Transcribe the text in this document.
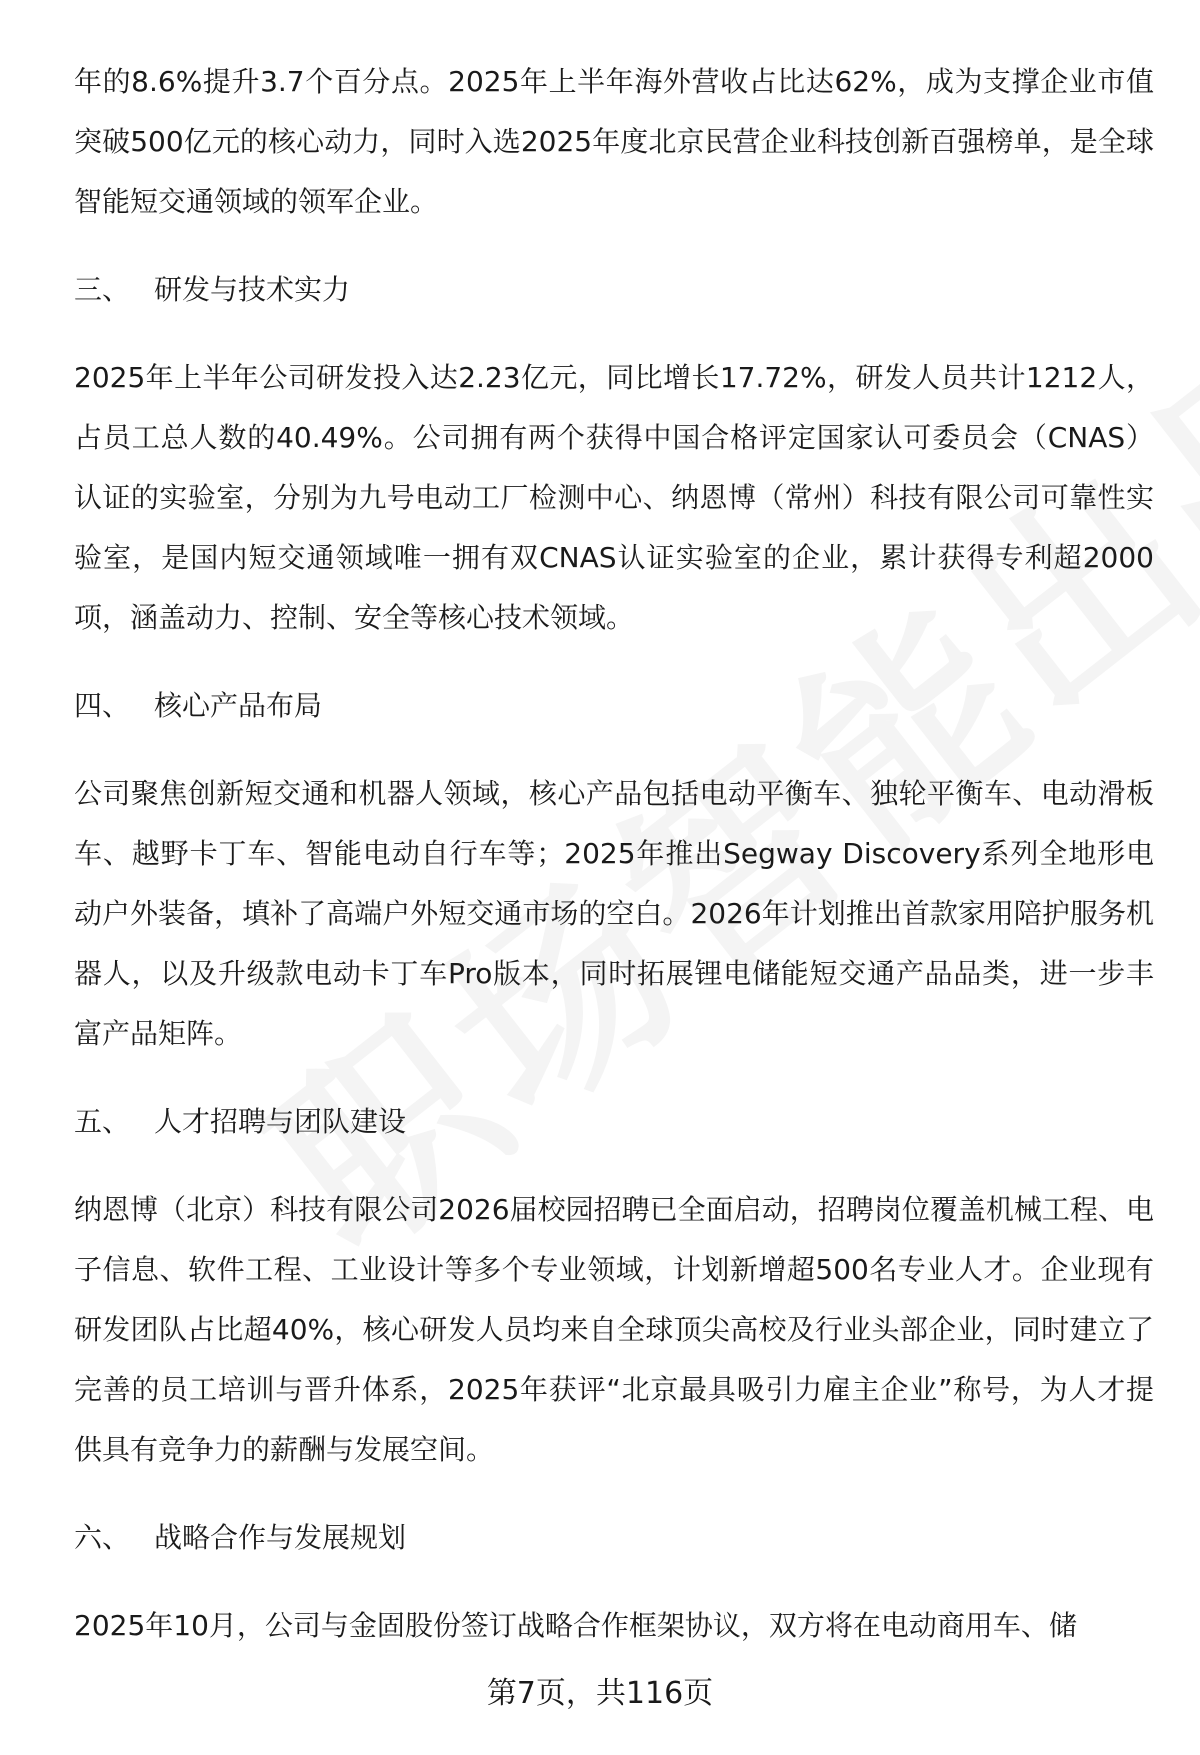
年的8.6%提升3.7个百分点。2025年上半年海外营收占比达62%，成为支撑企业市值突破500亿元的核心动力，同时入选2025年度北京民营企业科技创新百强榜单，是全球智能短交通领域的领军企业。

三、 研发与技术实力

2025年上半年公司研发投入达2.23亿元，同比增长17.72%，研发人员共计1212人，占员工总人数的40.49%。公司拥有两个获得中国合格评定国家认可委员会（CNAS）认证的实验室，分别为九号电动工厂检测中心、纳恩博（常州）科技有限公司可靠性实验室，是国内短交通领域唯一拥有双CNAS认证实验室的企业，累计获得专利超2000项，涵盖动力、控制、安全等核心技术领域。

四、 核心产品布局

公司聚焦创新短交通和机器人领域，核心产品包括电动平衡车、独轮平衡车、电动滑板车、越野卡丁车、智能电动自行车等；2025年推出Segway Discovery系列全地形电动户外装备，填补了高端户外短交通市场的空白。2026年计划推出首款家用陪护服务机器人，以及升级款电动卡丁车Pro版本，同时拓展锂电储能短交通产品品类，进一步丰富产品矩阵。

五、 人才招聘与团队建设

纳恩博（北京）科技有限公司2026届校园招聘已全面启动，招聘岗位覆盖机械工程、电子信息、软件工程、工业设计等多个专业领域，计划新增超500名专业人才。企业现有研发团队占比超40%，核心研发人员均来自全球顶尖高校及行业头部企业，同时建立了完善的员工培训与晋升体系，2025年获评“北京最具吸引力雇主企业”称号，为人才提供具有竞争力的薪酬与发展空间。

六、 战略合作与发展规划

2025年10月，公司与金固股份签订战略合作框架协议，双方将在电动商用车、储

第7页，共116页
